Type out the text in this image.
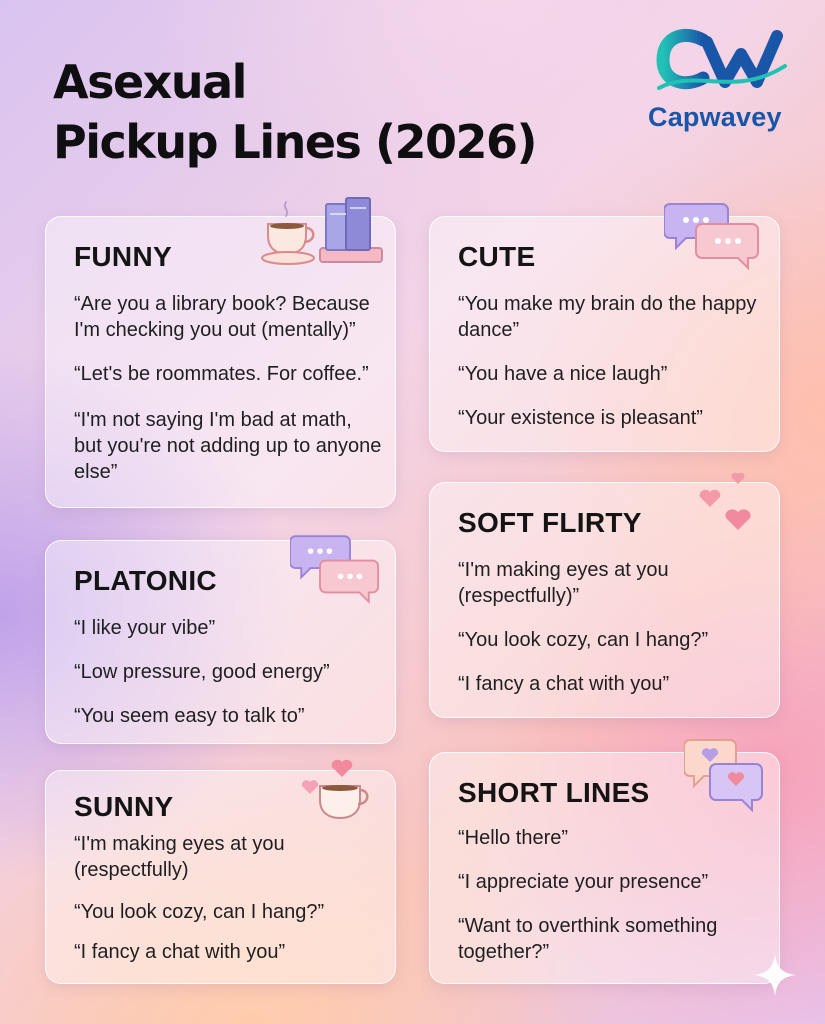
Asexual
Pickup Lines (2026)	Capwavey
FUNNY
“Are you a library book? Because I'm checking you out (mentally)”
“Let's be roommates. For coffee.”
“I'm not saying I'm bad at math, but you're not adding up to anyone else”
CUTE
“You make my brain do the happy dance”
“You have a nice laugh”
“Your existence is pleasant”
SOFT FLIRTY
“I'm making eyes at you (respectfully)”
“You look cozy, can I hang?”
“I fancy a chat with you”
PLATONIC
“I like your vibe”
“Low pressure, good energy”
“You seem easy to talk to”
SUNNY
“I'm making eyes at you (respectfully)
“You look cozy, can I hang?”
“I fancy a chat with you”
SHORT LINES
“Hello there”
“I appreciate your presence”
“Want to overthink something together?”
